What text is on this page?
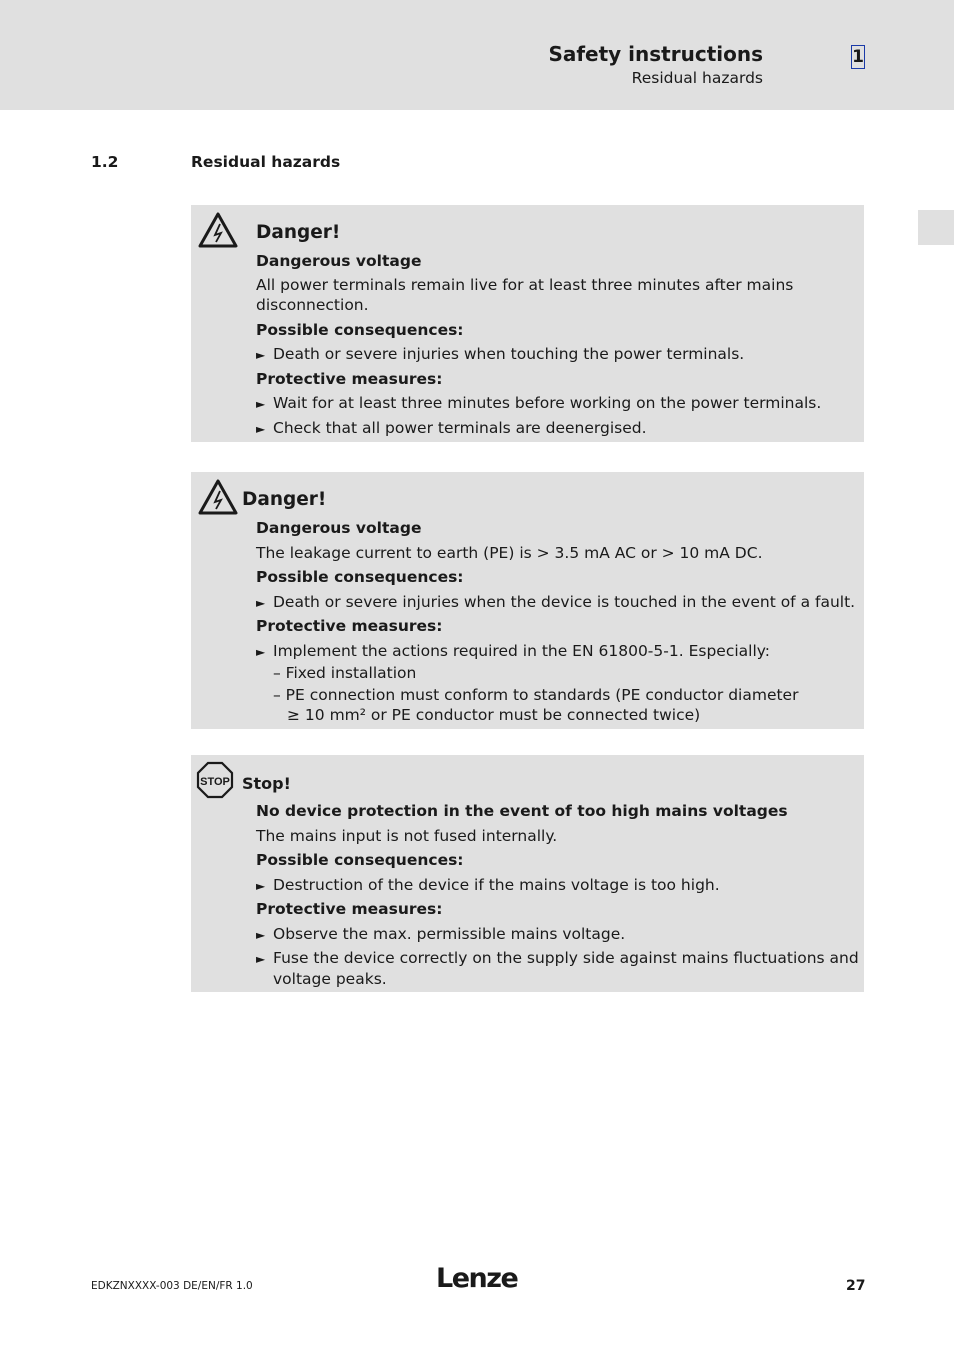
Safety instructions
Residual hazards
1
1.2	Residual hazards
Danger!
Dangerous voltage
All power terminals remain live for at least three minutes after mains disconnection.
Possible consequences:
► Death or severe injuries when touching the power terminals.
Protective measures:
► Wait for at least three minutes before working on the power terminals.
► Check that all power terminals are deenergised.
Danger!
Dangerous voltage
The leakage current to earth (PE) is > 3.5 mA AC or > 10 mA DC.
Possible consequences:
► Death or severe injuries when the device is touched in the event of a fault.
Protective measures:
► Implement the actions required in the EN 61800-5-1. Especially:
– Fixed installation
– PE connection must conform to standards (PE conductor diameter
≥ 10 mm² or PE conductor must be connected twice)
STOP Stop!
No device protection in the event of too high mains voltages
The mains input is not fused internally.
Possible consequences:
► Destruction of the device if the mains voltage is too high.
Protective measures:
► Observe the max. permissible mains voltage.
► Fuse the device correctly on the supply side against mains fluctuations and voltage peaks.
EDKZNXXXX-003 DE/EN/FR 1.0	Lenze	27
